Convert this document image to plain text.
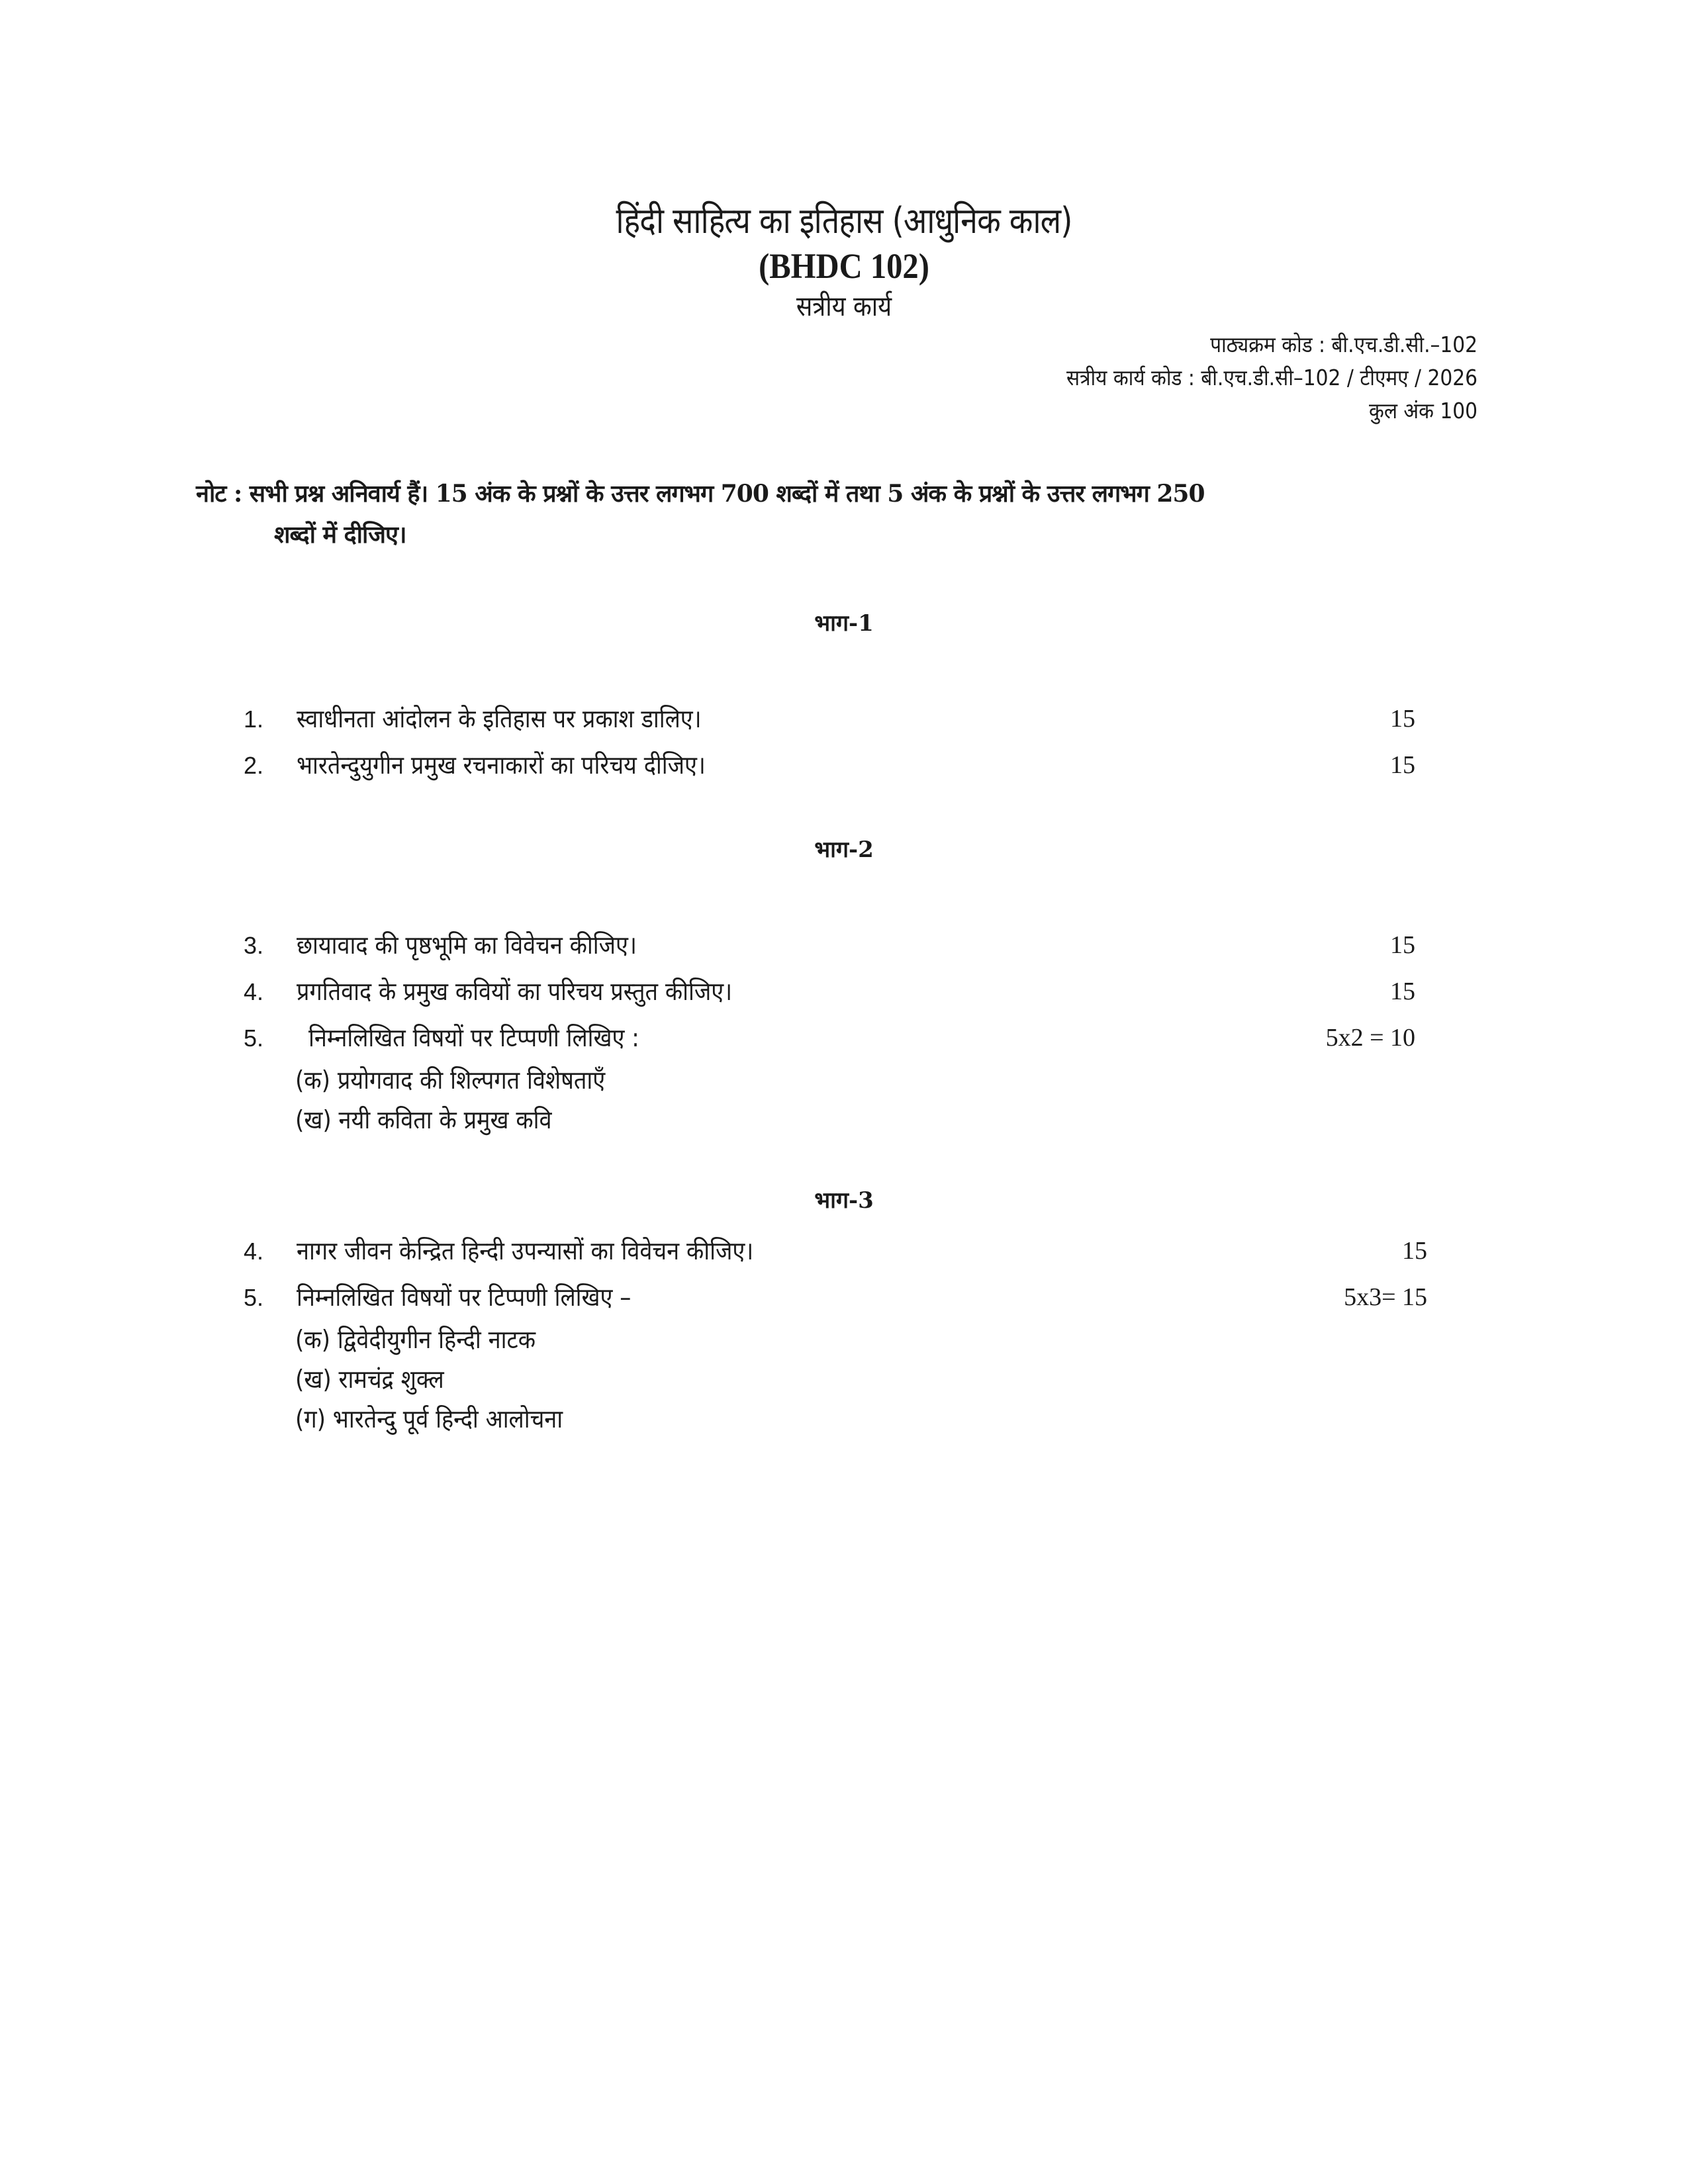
हिंदी साहित्य का इतिहास (आधुनिक काल)
(BHDC 102)
सत्रीय कार्य
पाठ्यक्रम कोड : बी.एच.डी.सी.–102
सत्रीय कार्य कोड : बी.एच.डी.सी–102 / टीएमए / 2026
कुल अंक 100
नोट : सभी प्रश्न अनिवार्य हैं। 15 अंक के प्रश्नों के उत्तर लगभग 700 शब्दों में तथा 5 अंक के प्रश्नों के उत्तर लगभग 250
शब्दों में दीजिए।
भाग-1
1. स्वाधीनता आंदोलन के इतिहास पर प्रकाश डालिए।	15
2. भारतेन्दुयुगीन प्रमुख रचनाकारों का परिचय दीजिए।	15
भाग-2
3. छायावाद की पृष्ठभूमि का विवेचन कीजिए।	15
4. प्रगतिवाद के प्रमुख कवियों का परिचय प्रस्तुत कीजिए।	15
5. निम्नलिखित विषयों पर टिप्पणी लिखिए :	5x2 = 10
(क) प्रयोगवाद की शिल्पगत विशेषताएँ
(ख) नयी कविता के प्रमुख कवि
भाग-3
4. नागर जीवन केन्द्रित हिन्दी उपन्यासों का विवेचन कीजिए।	15
5. निम्नलिखित विषयों पर टिप्पणी लिखिए –	5x3= 15
(क) द्विवेदीयुगीन हिन्दी नाटक
(ख) रामचंद्र शुक्ल
(ग) भारतेन्दु पूर्व हिन्दी आलोचना
